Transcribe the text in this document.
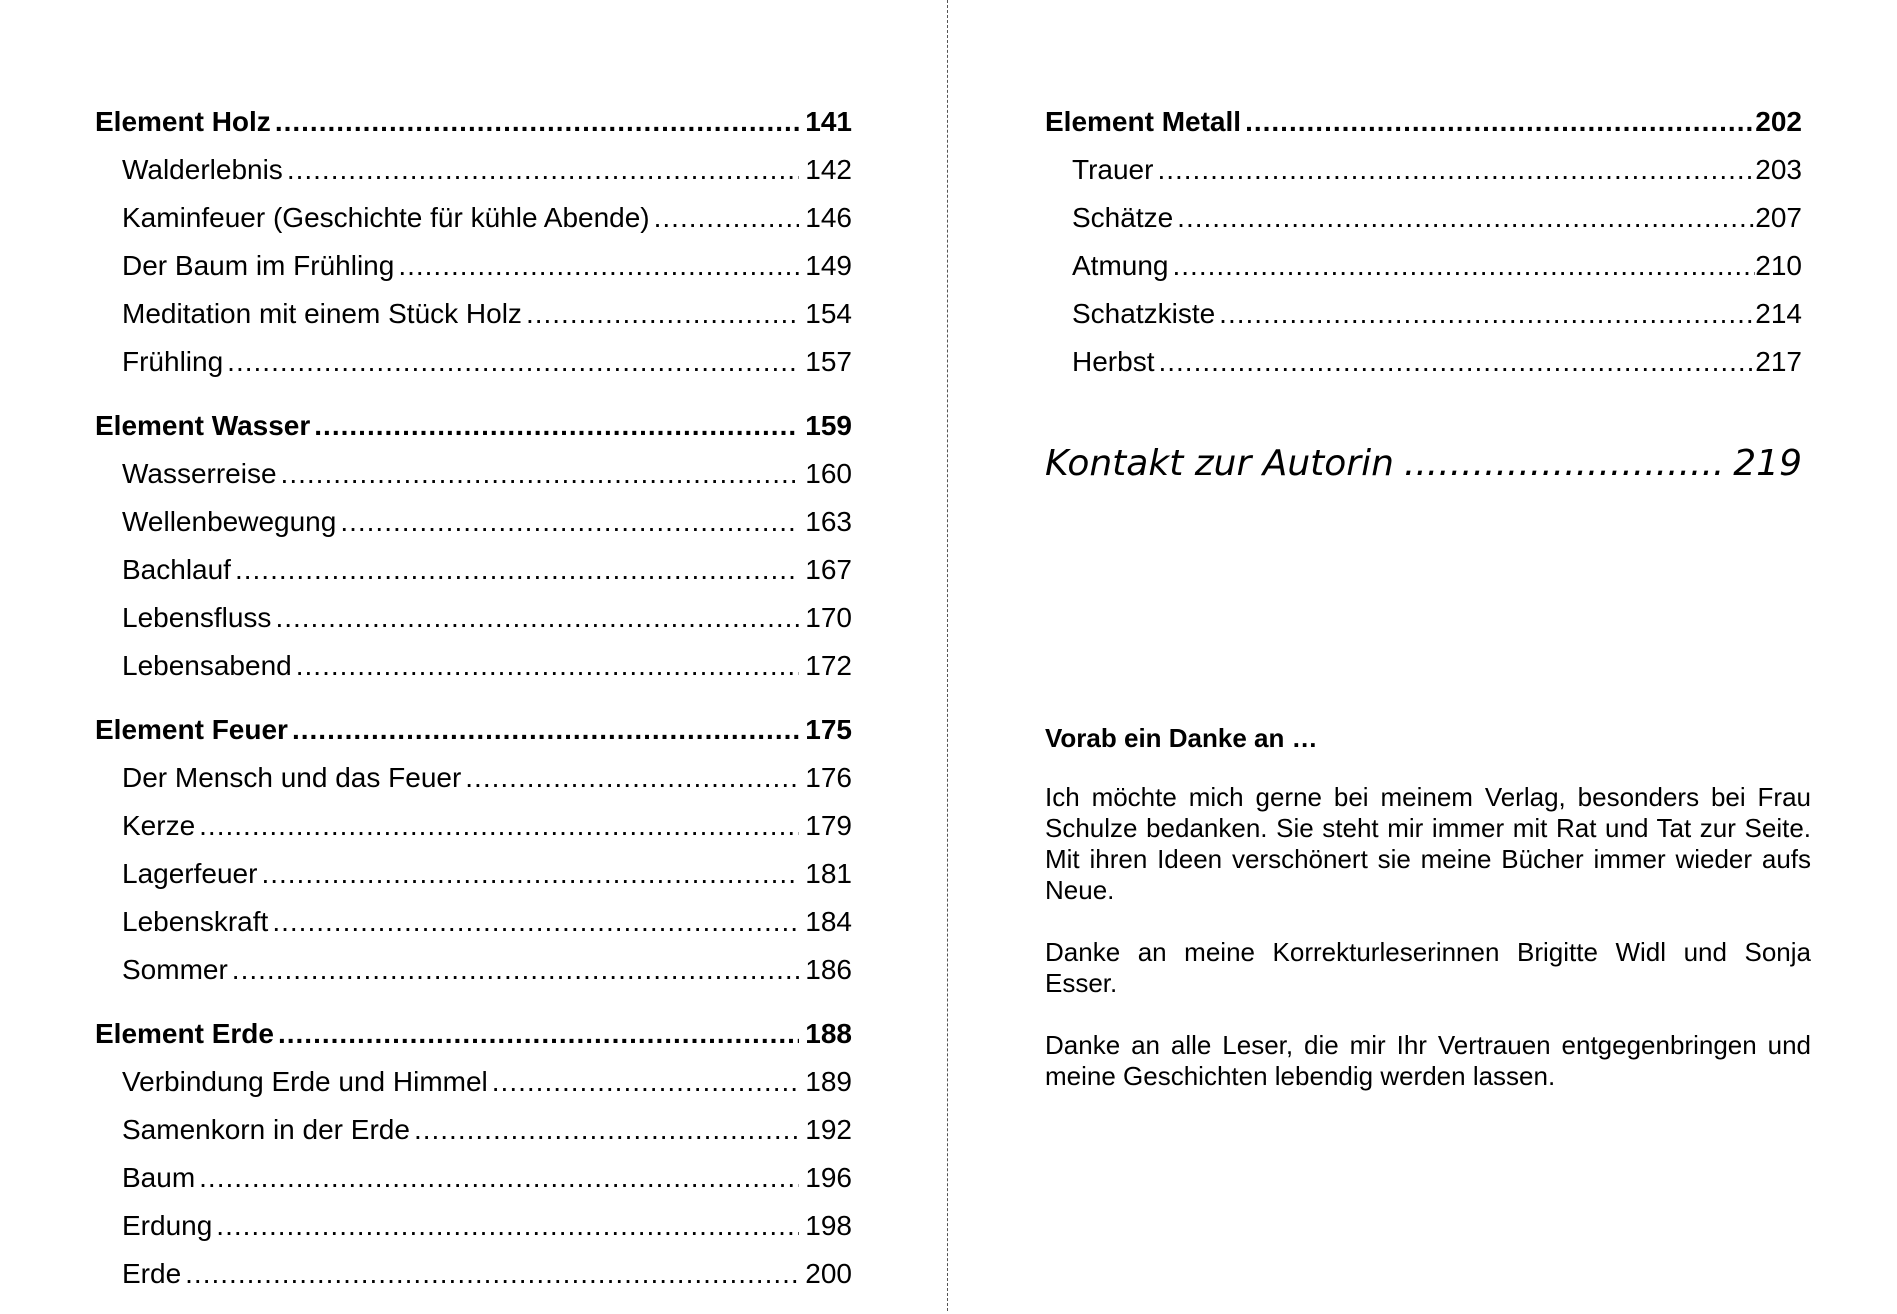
Element Holz .....	141
Walderlebnis .....	142
Kaminfeuer (Geschichte für kühle Abende) .....	146
Der Baum im Frühling .....	149
Meditation mit einem Stück Holz .....	154
Frühling .....	157
Element Wasser .....	159
Wasserreise .....	160
Wellenbewegung .....	163
Bachlauf .....	167
Lebensfluss .....	170
Lebensabend .....	172
Element Feuer .....	175
Der Mensch und das Feuer .....	176
Kerze .....	179
Lagerfeuer .....	181
Lebenskraft .....	184
Sommer .....	186
Element Erde .....	188
Verbindung Erde und Himmel .....	189
Samenkorn in der Erde .....	192
Baum .....	196
Erdung .....	198
Erde .....	200
Element Metall .....	202
Trauer .....	203
Schätze .....	207
Atmung .....	210
Schatzkiste .....	214
Herbst .....	217
Kontakt zur Autorin .....	219
Vorab ein Danke an …

Ich möchte mich gerne bei meinem Verlag, besonders bei Frau Schulze bedanken. Sie steht mir immer mit Rat und Tat zur Seite. Mit ihren Ideen verschönert sie meine Bücher immer wieder aufs Neue.

Danke an meine Korrekturleserinnen Brigitte Widl und Sonja Esser.

Danke an alle Leser, die mir Ihr Vertrauen entgegenbringen und meine Geschichten lebendig werden lassen.
